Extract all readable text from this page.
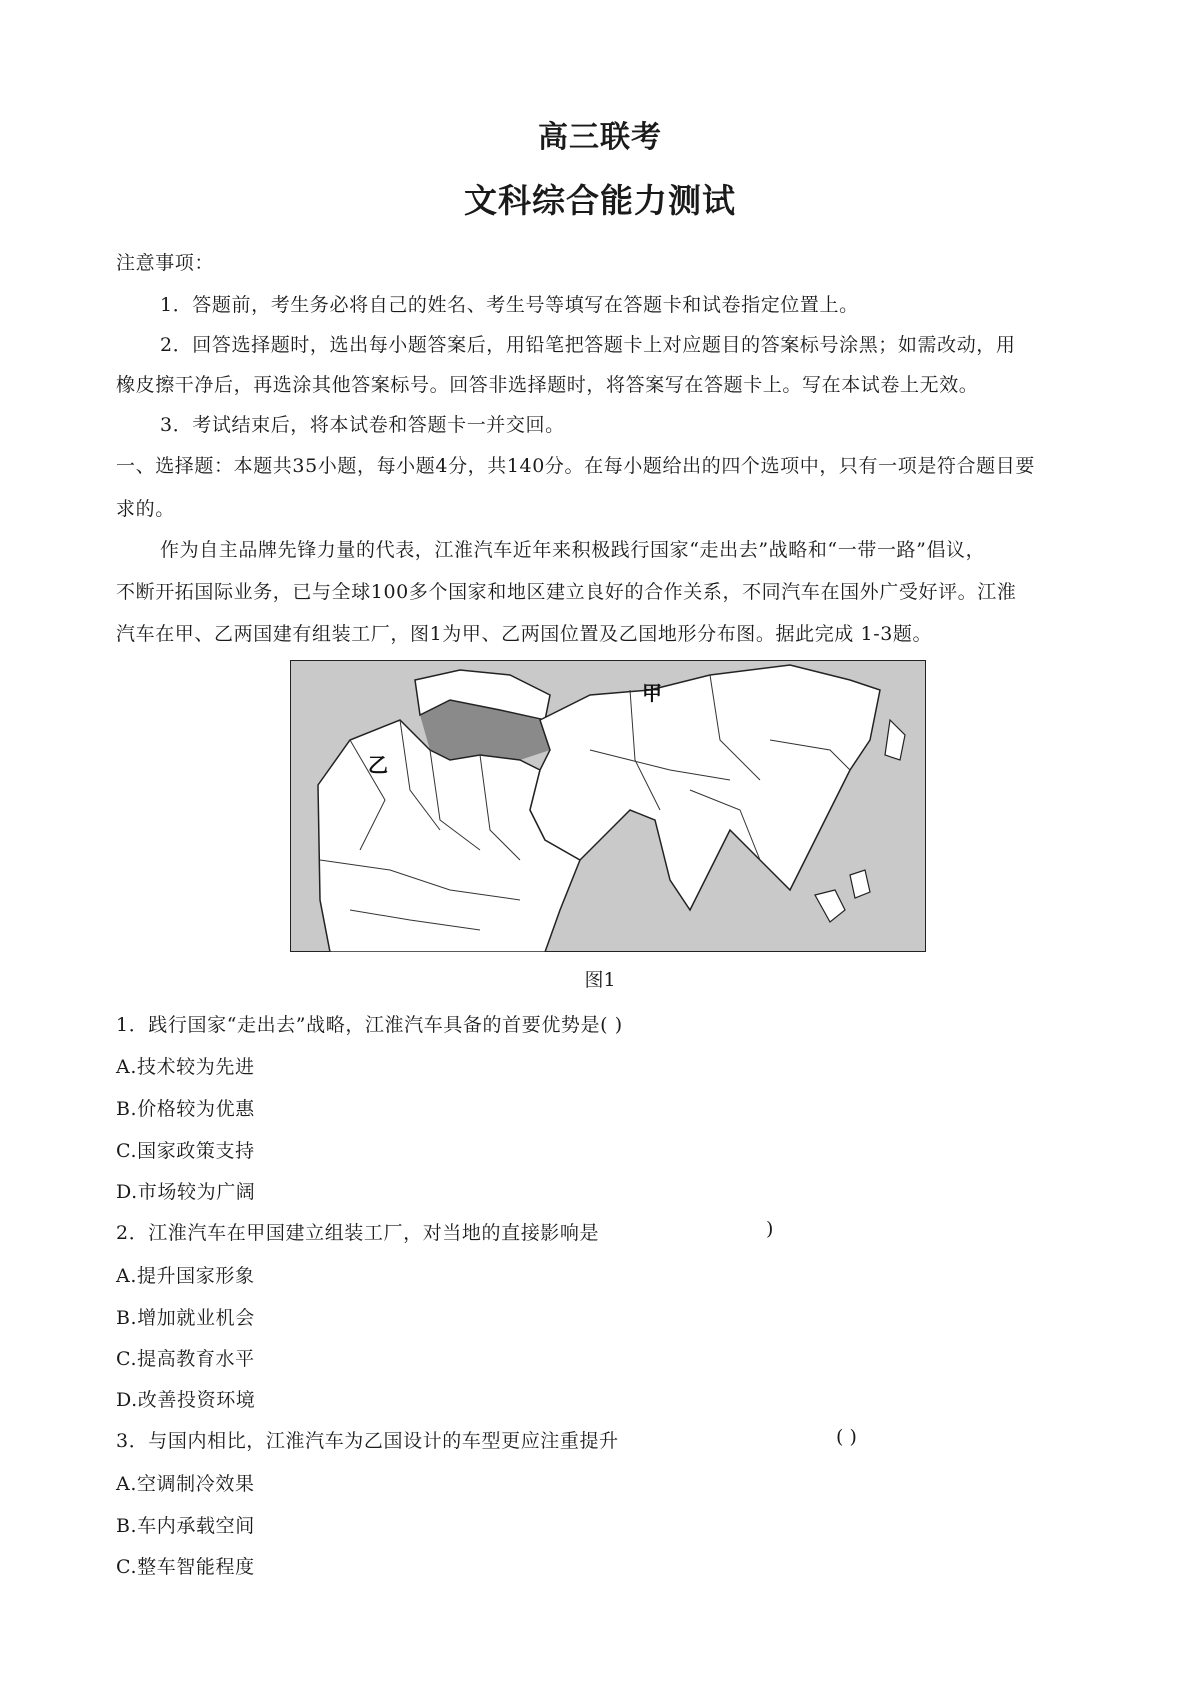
高三联考
文科综合能力测试
注意事项：
1．答题前，考生务必将自己的姓名、考生号等填写在答题卡和试卷指定位置上。
2．回答选择题时，选出每小题答案后，用铅笔把答题卡上对应题目的答案标号涂黑；如需改动，用
橡皮擦干净后，再选涂其他答案标号。回答非选择题时，将答案写在答题卡上。写在本试卷上无效。
3．考试结束后，将本试卷和答题卡一并交回。
一、选择题：本题共35小题，每小题4分，共140分。在每小题给出的四个选项中，只有一项是符合题目要
求的。
作为自主品牌先锋力量的代表，江淮汽车近年来积极践行国家“走出去”战略和“一带一路”倡议，
不断开拓国际业务，已与全球100多个国家和地区建立良好的合作关系，不同汽车在国外广受好评。江淮
汽车在甲、乙两国建有组装工厂，图1为甲、乙两国位置及乙国地形分布图。据此完成 1-3题。
甲
乙
图1
1．践行国家“走出去”战略，江淮汽车具备的首要优势是( )
A.技术较为先进
B.价格较为优惠
C.国家政策支持
D.市场较为广阔
2．江淮汽车在甲国建立组装工厂，对当地的直接影响是	)
A.提升国家形象
B.增加就业机会
C.提高教育水平
D.改善投资环境
3．与国内相比，江淮汽车为乙国设计的车型更应注重提升	( )
A.空调制冷效果
B.车内承载空间
C.整车智能程度
